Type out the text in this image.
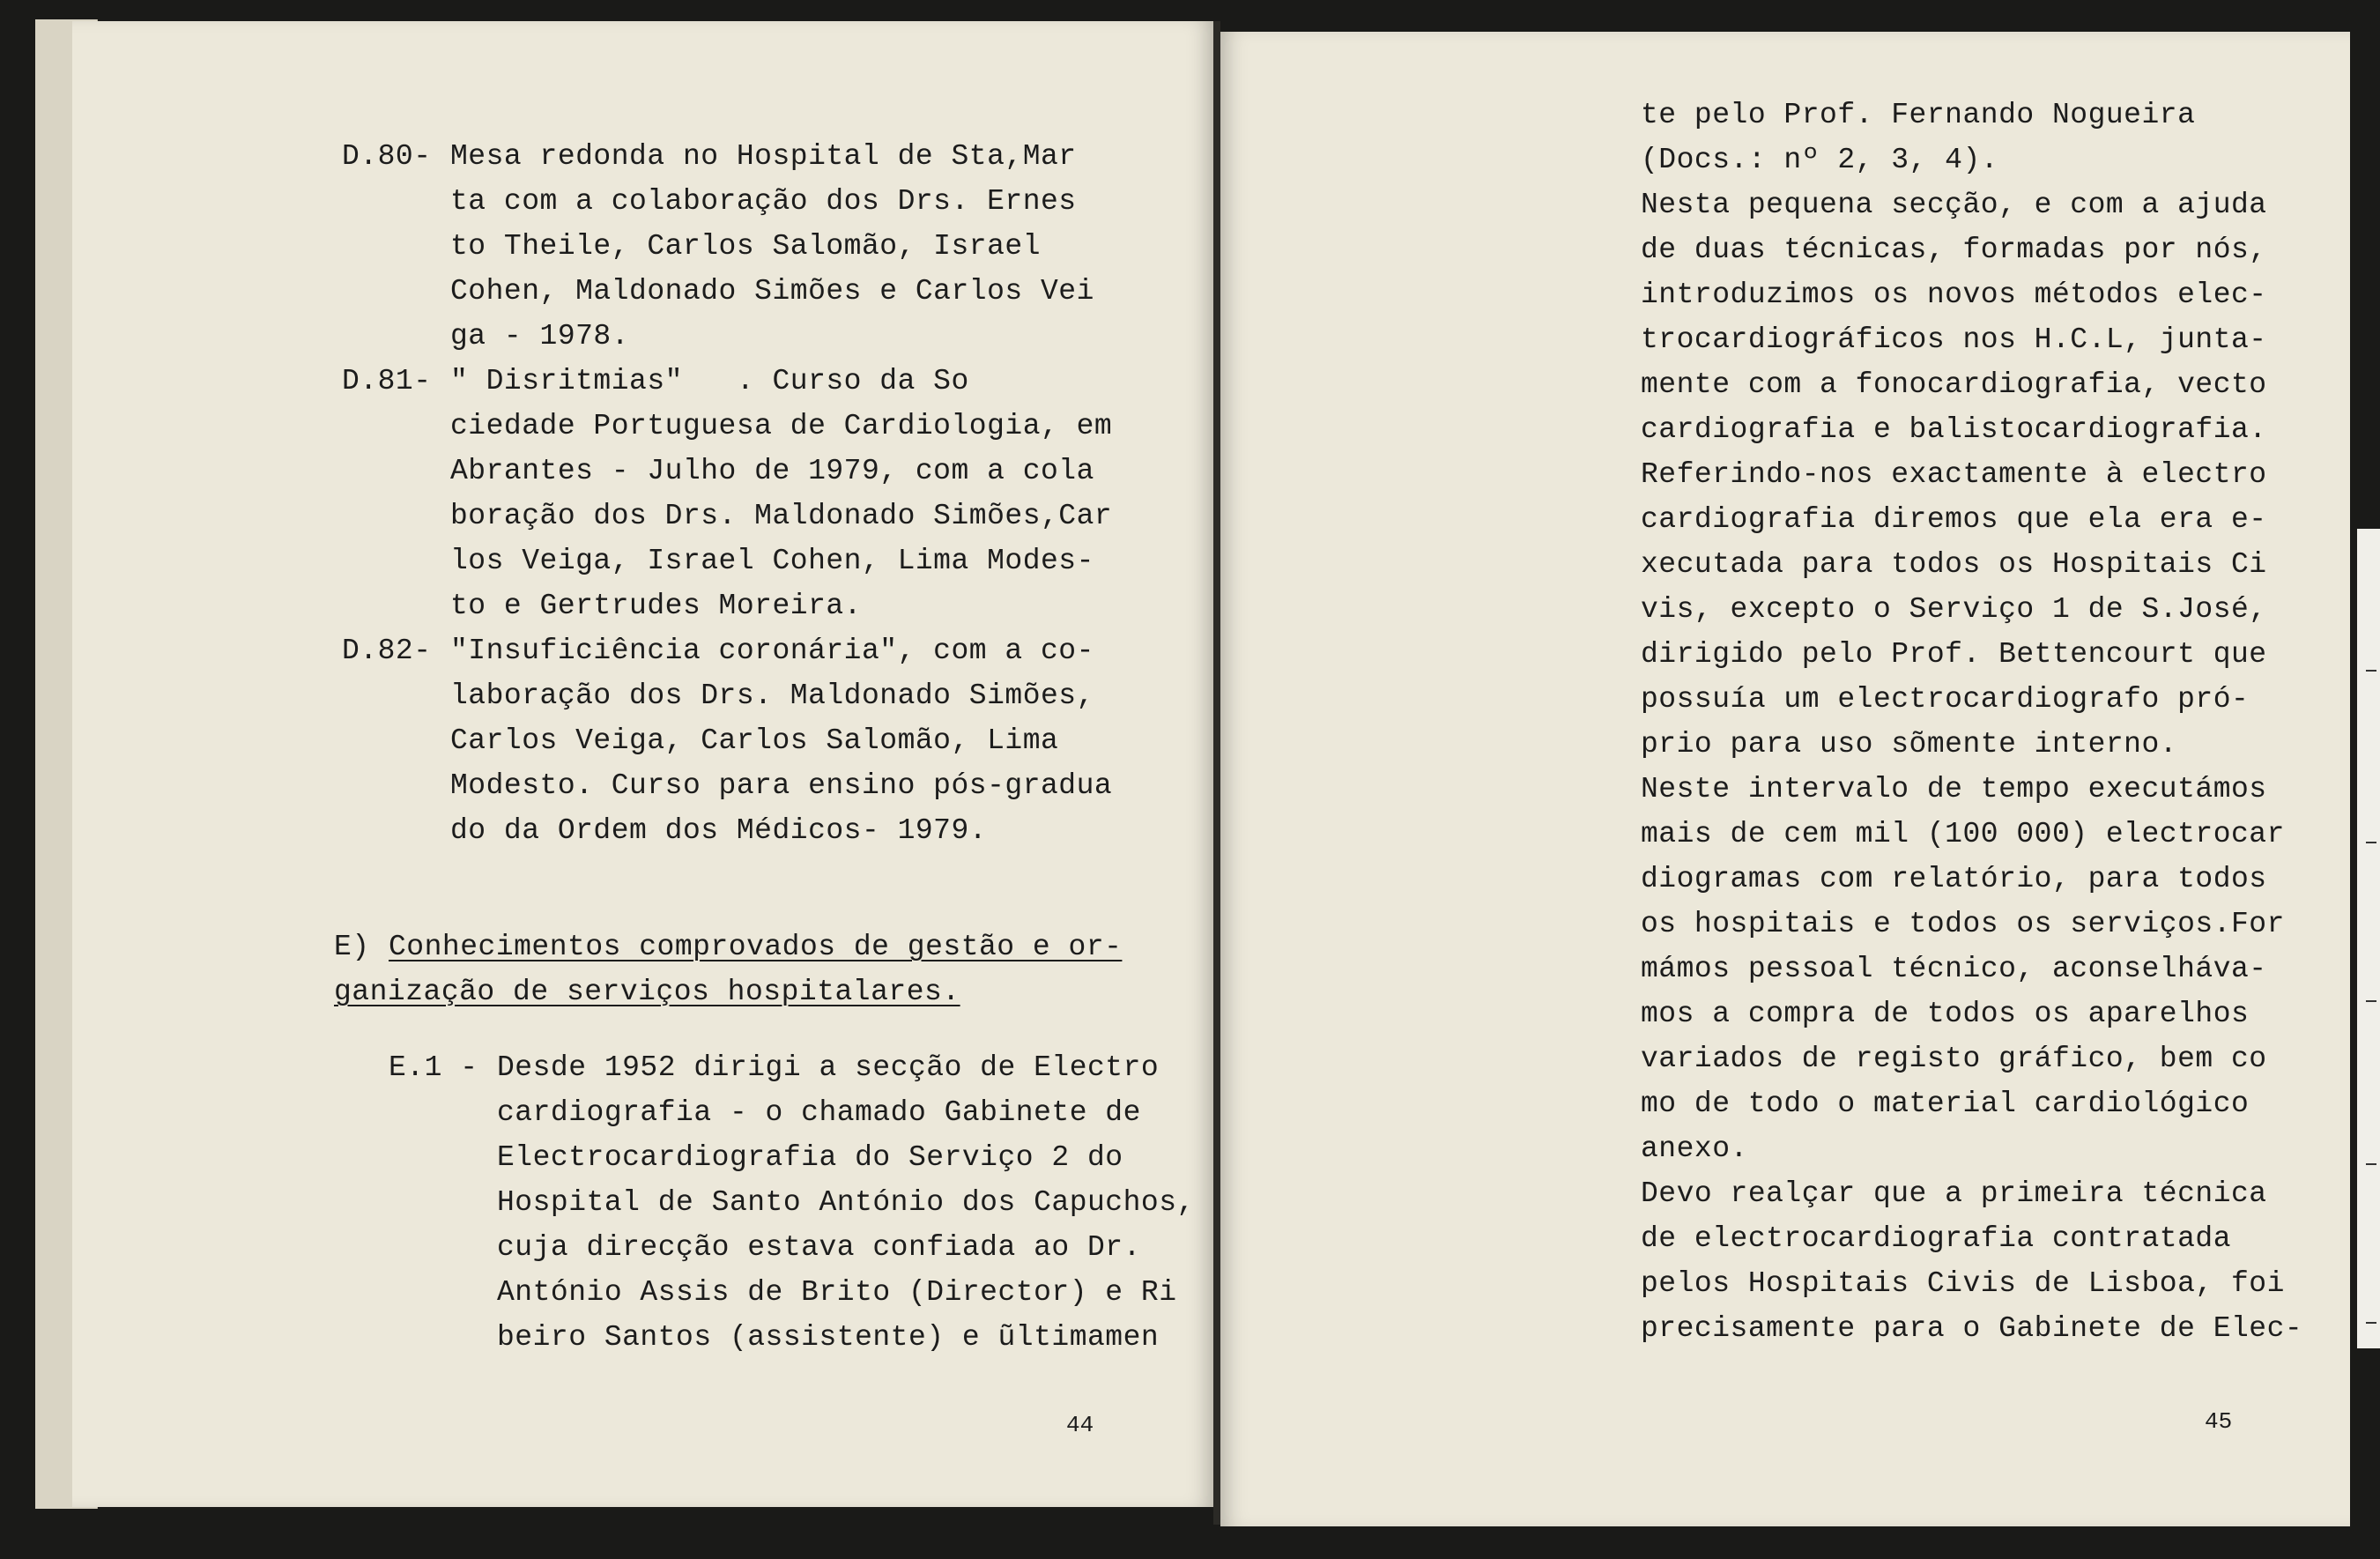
D.80- Mesa redonda no Hospital de Sta,Mar

ta com a colaboração dos Drs. Ernes

to Theile, Carlos Salomão, Israel

Cohen, Maldonado Simões e Carlos Vei

ga - 1978.

D.81- " Disritmias"   . Curso da So

ciedade Portuguesa de Cardiologia, em

Abrantes - Julho de 1979, com a cola

boração dos Drs. Maldonado Simões,Car

los Veiga, Israel Cohen, Lima Modes-

to e Gertrudes Moreira.

D.82- "Insuficiência coronária", com a co-

laboração dos Drs. Maldonado Simões,

Carlos Veiga, Carlos Salomão, Lima

Modesto. Curso para ensino pós-gradua

do da Ordem dos Médicos- 1979.

E) Conhecimentos comprovados de gestão e or-

ganização de serviços hospitalares.

E.1 - Desde 1952 dirigi a secção de Electro

cardiografia - o chamado Gabinete de

Electrocardiografia do Serviço 2 do

Hospital de Santo António dos Capuchos,

cuja direcção estava confiada ao Dr.

António Assis de Brito (Director) e Ri

beiro Santos (assistente) e ũltimamen

44

te pelo Prof. Fernando Nogueira

(Docs.: nº 2, 3, 4).

Nesta pequena secção, e com a ajuda

de duas técnicas, formadas por nós,

introduzimos os novos métodos elec-

trocardiográficos nos H.C.L, junta-

mente com a fonocardiografia, vecto

cardiografia e balistocardiografia.

Referindo-nos exactamente à electro

cardiografia diremos que ela era e-

xecutada para todos os Hospitais Ci

vis, excepto o Serviço 1 de S.José,

dirigido pelo Prof. Bettencourt que

possuía um electrocardiografo pró-

prio para uso sõmente interno.

Neste intervalo de tempo executámos

mais de cem mil (100 000) electrocar

diogramas com relatório, para todos

os hospitais e todos os serviços.For

mámos pessoal técnico, aconselháva-

mos a compra de todos os aparelhos

variados de registo gráfico, bem co

mo de todo o material cardiológico

anexo.

Devo realçar que a primeira técnica

de electrocardiografia contratada

pelos Hospitais Civis de Lisboa, foi

precisamente para o Gabinete de Elec-

45
